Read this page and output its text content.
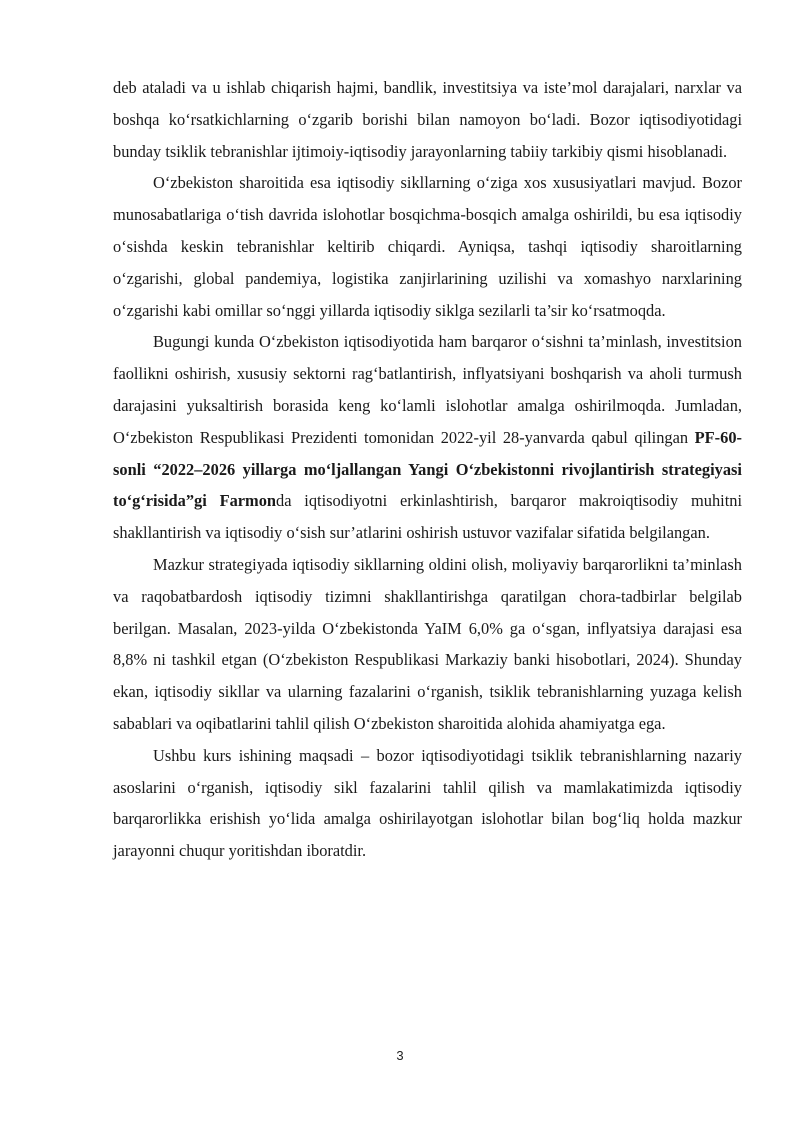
deb ataladi va u ishlab chiqarish hajmi, bandlik, investitsiya va iste’mol darajalari, narxlar va boshqa ko‘rsatkichlarning o‘zgarib borishi bilan namoyon bo‘ladi. Bozor iqtisodiyotidagi bunday tsiklik tebranishlar ijtimoiy-iqtisodiy jarayonlarning tabiiy tarkibiy qismi hisoblanadi.

O‘zbekiston sharoitida esa iqtisodiy sikllarning o‘ziga xos xususiyatlari mavjud. Bozor munosabatlariga o‘tish davrida islohotlar bosqichma-bosqich amalga oshirildi, bu esa iqtisodiy o‘sishda keskin tebranishlar keltirib chiqardi. Ayniqsa, tashqi iqtisodiy sharoitlarning o‘zgarishi, global pandemiya, logistika zanjirlarining uzilishi va xomashyo narxlarining o‘zgarishi kabi omillar so‘nggi yillarda iqtisodiy siklga sezilarli ta’sir ko‘rsatmoqda.

Bugungi kunda O‘zbekiston iqtisodiyotida ham barqaror o‘sishni ta’minlash, investitsion faollikni oshirish, xususiy sektorni rag‘batlantirish, inflyatsiyani boshqarish va aholi turmush darajasini yuksaltirish borasida keng ko‘lamli islohotlar amalga oshirilmoqda. Jumladan, O‘zbekiston Respublikasi Prezidenti tomonidan 2022-yil 28-yanvarda qabul qilingan PF-60-sonli “2022–2026 yillarga mo‘ljallangan Yangi O‘zbekistonni rivojlantirish strategiyasi to‘g‘risida”gi Farmonda iqtisodiyotni erkinlashtirish, barqaror makroiqtisodiy muhitni shakllantirish va iqtisodiy o‘sish sur’atlarini oshirish ustuvor vazifalar sifatida belgilangan.

Mazkur strategiyada iqtisodiy sikllarning oldini olish, moliyaviy barqarorlikni ta’minlash va raqobatbardosh iqtisodiy tizimni shakllantirishga qaratilgan chora-tadbirlar belgilab berilgan. Masalan, 2023-yilda O‘zbekistonda YaIM 6,0% ga o‘sgan, inflyatsiya darajasi esa 8,8% ni tashkil etgan (O‘zbekiston Respublikasi Markaziy banki hisobotlari, 2024). Shunday ekan, iqtisodiy sikllar va ularning fazalarini o‘rganish, tsiklik tebranishlarning yuzaga kelish sabablari va oqibatlarini tahlil qilish O‘zbekiston sharoitida alohida ahamiyatga ega.

Ushbu kurs ishining maqsadi – bozor iqtisodiyotidagi tsiklik tebranishlarning nazariy asoslarini o‘rganish, iqtisodiy sikl fazalarini tahlil qilish va mamlakatimizda iqtisodiy barqarorlikka erishish yo‘lida amalga oshirilayotgan islohotlar bilan bog‘liq holda mazkur jarayonni chuqur yoritishdan iboratdir.

3
